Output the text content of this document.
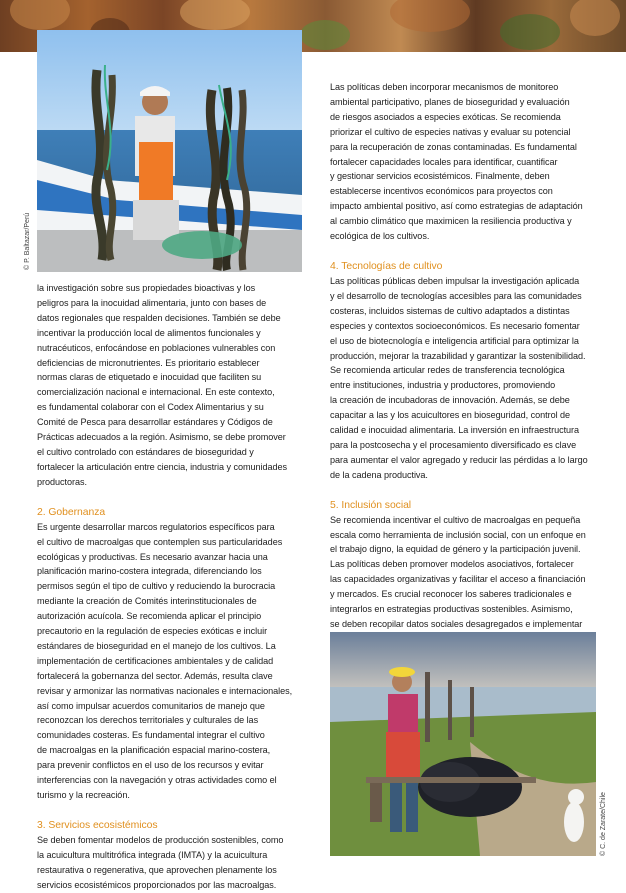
© P. Baltazar/Perú

la investigación sobre sus propiedades bioactivas y los

peligros para la inocuidad alimentaria, junto con bases de

datos regionales que respalden decisiones. También se debe

incentivar la producción local de alimentos funcionales y

nutracéuticos, enfocándose en poblaciones vulnerables con

deficiencias de micronutrientes. Es prioritario establecer

normas claras de etiquetado e inocuidad que faciliten su

comercialización nacional e internacional. En este contexto,

es fundamental colaborar con el Codex Alimentarius y su

Comité de Pesca para desarrollar estándares y Códigos de

Prácticas adecuados a la región. Asimismo, se debe promover

el cultivo controlado con estándares de bioseguridad y

fortalecer la articulación entre ciencia, industria y comunidades

productoras.

2. Gobernanza

Es urgente desarrollar marcos regulatorios específicos para

el cultivo de macroalgas que contemplen sus particularidades

ecológicas y productivas. Es necesario avanzar hacia una

planificación marino-costera integrada, diferenciando los

permisos según el tipo de cultivo y reduciendo la burocracia

mediante la creación de Comités interinstitucionales de

autorización acuícola. Se recomienda aplicar el principio

precautorio en la regulación de especies exóticas e incluir

estándares de bioseguridad en el manejo de los cultivos. La

implementación de certificaciones ambientales y de calidad

fortalecerá la gobernanza del sector. Además, resulta clave

revisar y armonizar las normativas nacionales e internacionales,

así como impulsar acuerdos comunitarios de manejo que

reconozcan los derechos territoriales y culturales de las

comunidades costeras. Es fundamental integrar el cultivo

de macroalgas en la planificación espacial marino-costera,

para prevenir conflictos en el uso de los recursos y evitar

interferencias con la navegación y otras actividades como el

turismo y la recreación.

3. Servicios ecosistémicos

Se deben fomentar modelos de producción sostenibles, como

la acuicultura multitrófica integrada (IMTA) y la acuicultura

restaurativa o regenerativa, que aprovechen plenamente los

servicios ecosistémicos proporcionados por las macroalgas.

Las políticas deben incorporar mecanismos de monitoreo

ambiental participativo, planes de bioseguridad y evaluación

de riesgos asociados a especies exóticas. Se recomienda

priorizar el cultivo de especies nativas y evaluar su potencial

para la recuperación de zonas contaminadas. Es fundamental

fortalecer capacidades locales para identificar, cuantificar

y gestionar servicios ecosistémicos. Finalmente, deben

establecerse incentivos económicos para proyectos con

impacto ambiental positivo, así como estrategias de adaptación

al cambio climático que maximicen la resiliencia productiva y

ecológica de los cultivos.

4. Tecnologías de cultivo

Las políticas públicas deben impulsar la investigación aplicada

y el desarrollo de tecnologías accesibles para las comunidades

costeras, incluidos sistemas de cultivo adaptados a distintas

especies y contextos socioeconómicos. Es necesario fomentar

el uso de biotecnología e inteligencia artificial para optimizar la

producción, mejorar la trazabilidad y garantizar la sostenibilidad.

Se recomienda articular redes de transferencia tecnológica

entre instituciones, industria y productores, promoviendo

la creación de incubadoras de innovación. Además, se debe

capacitar a las y los acuicultores en bioseguridad, control de

calidad e inocuidad alimentaria. La inversión en infraestructura

para la postcosecha y el procesamiento diversificado es clave

para aumentar el valor agregado y reducir las pérdidas a lo largo

de la cadena productiva.

5. Inclusión social

Se recomienda incentivar el cultivo de macroalgas en pequeña

escala como herramienta de inclusión social, con un enfoque en

el trabajo digno, la equidad de género y la participación juvenil.

Las políticas deben promover modelos asociativos, fortalecer

las capacidades organizativas y facilitar el acceso a financiación

y mercados. Es crucial reconocer los saberes tradicionales e

integrarlos en estrategias productivas sostenibles. Asimismo,

se deben recopilar datos sociales desagregados e implementar

© C. de Zarate/Chile
